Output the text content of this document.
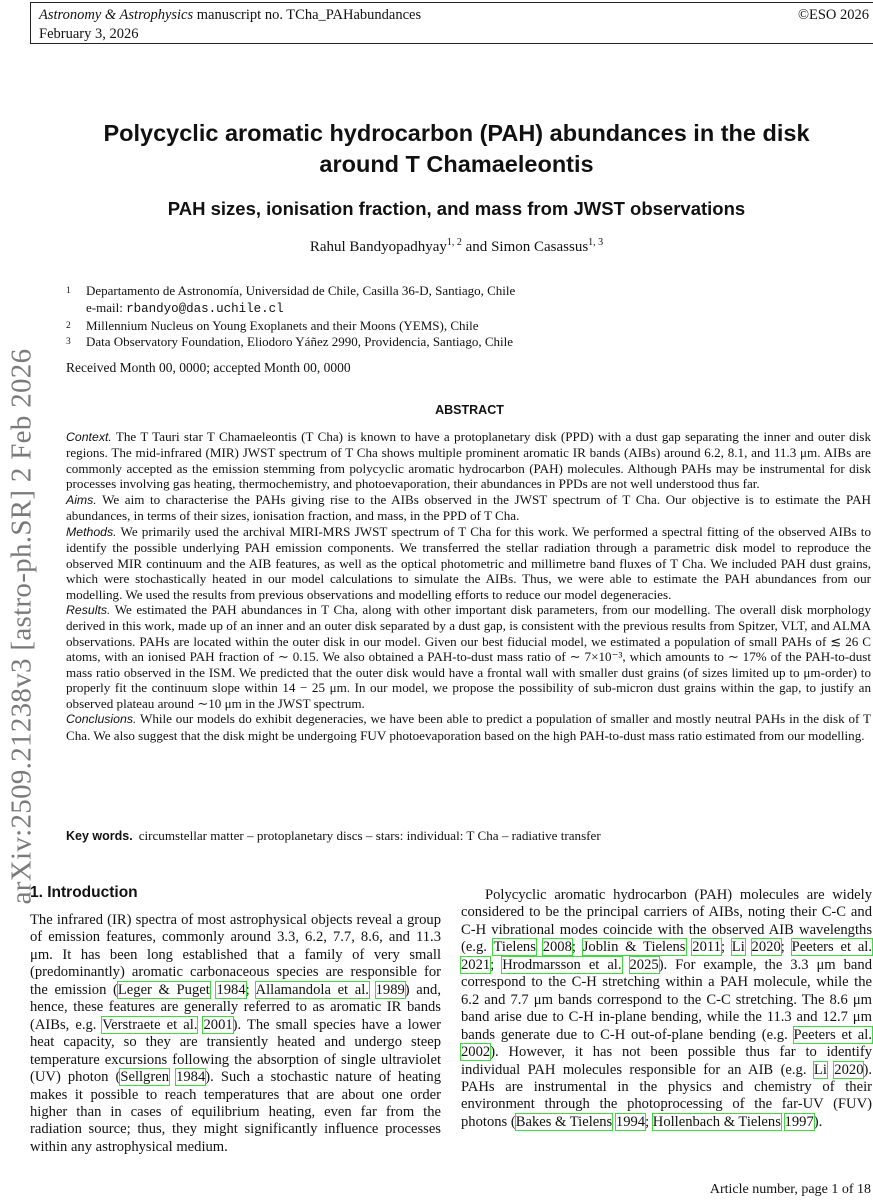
Astronomy & Astrophysics manuscript no. TCha_PAHabundances
February 3, 2026
©ESO 2026
arXiv:2509.21238v3 [astro-ph.SR] 2 Feb 2026
Polycyclic aromatic hydrocarbon (PAH) abundances in the disk
around T Chamaeleontis
PAH sizes, ionisation fraction, and mass from JWST observations
Rahul Bandyopadhyay$^{1, 2}$ and Simon Casassus$^{1, 3}$
1 Departamento de Astronomía, Universidad de Chile, Casilla 36-D, Santiago, Chile
e-mail: rbandyo@das.uchile.cl
2 Millennium Nucleus on Young Exoplanets and their Moons (YEMS), Chile
3 Data Observatory Foundation, Eliodoro Yáñez 2990, Providencia, Santiago, Chile
Received Month 00, 0000; accepted Month 00, 0000
ABSTRACT

Context. The T Tauri star T Chamaeleontis (T Cha) is known to have a protoplanetary disk (PPD) with a dust gap separating the inner and outer disk regions. The mid-infrared (MIR) JWST spectrum of T Cha shows multiple prominent aromatic IR bands (AIBs) around 6.2, 8.1, and 11.3 μm. AIBs are commonly accepted as the emission stemming from polycyclic aromatic hydrocarbon (PAH) molecules. Although PAHs may be instrumental for disk processes involving gas heating, thermochemistry, and photoevaporation, their abundances in PPDs are not well understood thus far.

Aims. We aim to characterise the PAHs giving rise to the AIBs observed in the JWST spectrum of T Cha. Our objective is to estimate the PAH abundances, in terms of their sizes, ionisation fraction, and mass, in the PPD of T Cha.

Methods. We primarily used the archival MIRI-MRS JWST spectrum of T Cha for this work. We performed a spectral fitting of the observed AIBs to identify the possible underlying PAH emission components. We transferred the stellar radiation through a parametric disk model to reproduce the observed MIR continuum and the AIB features, as well as the optical photometric and millimetre band fluxes of T Cha. We included PAH dust grains, which were stochastically heated in our model calculations to simulate the AIBs. Thus, we were able to estimate the PAH abundances from our modelling. We used the results from previous observations and modelling efforts to reduce our model degeneracies.

Results. We estimated the PAH abundances in T Cha, along with other important disk parameters, from our modelling. The overall disk morphology derived in this work, made up of an inner and an outer disk separated by a dust gap, is consistent with the previous results from Spitzer, VLT, and ALMA observations. PAHs are located within the outer disk in our model. Given our best fiducial model, we estimated a population of small PAHs of ≲ 26 C atoms, with an ionised PAH fraction of ∼ 0.15. We also obtained a PAH-to-dust mass ratio of ∼ 7×10⁻³, which amounts to ∼ 17% of the PAH-to-dust mass ratio observed in the ISM. We predicted that the outer disk would have a frontal wall with smaller dust grains (of sizes limited up to μm-order) to properly fit the continuum slope within 14 − 25 μm. In our model, we propose the possibility of sub-micron dust grains within the gap, to justify an observed plateau around ∼10 μm in the JWST spectrum.

Conclusions. While our models do exhibit degeneracies, we have been able to predict a population of smaller and mostly neutral PAHs in the disk of T Cha. We also suggest that the disk might be undergoing FUV photoevaporation based on the high PAH-to-dust mass ratio estimated from our modelling.

Key words. circumstellar matter – protoplanetary discs – stars: individual: T Cha – radiative transfer
1. Introduction

The infrared (IR) spectra of most astrophysical objects reveal a group of emission features, commonly around 3.3, 6.2, 7.7, 8.6, and 11.3 μm. It has been long established that a family of very small (predominantly) aromatic carbonaceous species are responsible for the emission (Leger & Puget 1984; Allamandola et al. 1989) and, hence, these features are generally referred to as aromatic IR bands (AIBs, e.g. Verstraete et al. 2001). The small species have a lower heat capacity, so they are transiently heated and undergo steep temperature excursions following the absorption of single ultraviolet (UV) photon (Sellgren 1984). Such a stochastic nature of heating makes it possible to reach temperatures that are about one order higher than in cases of equilibrium heating, even far from the radiation source; thus, they might significantly influence processes within any astrophysical medium.

Polycyclic aromatic hydrocarbon (PAH) molecules are widely considered to be the principal carriers of AIBs, noting their C-C and C-H vibrational modes coincide with the observed AIB wavelengths (e.g. Tielens 2008; Joblin & Tielens 2011; Li 2020; Peeters et al. 2021; Hrodmarsson et al. 2025). For example, the 3.3 μm band correspond to the C-H stretching within a PAH molecule, while the 6.2 and 7.7 μm bands correspond to the C-C stretching. The 8.6 μm band arise due to C-H in-plane bending, while the 11.3 and 12.7 μm bands generate due to C-H out-of-plane bending (e.g. Peeters et al. 2002). However, it has not been possible thus far to identify individual PAH molecules responsible for an AIB (e.g. Li 2020). PAHs are instrumental in the physics and chemistry of their environment through the photoprocessing of the far-UV (FUV) photons (Bakes & Tielens 1994; Hollenbach & Tielens 1997).

Article number, page 1 of 18
